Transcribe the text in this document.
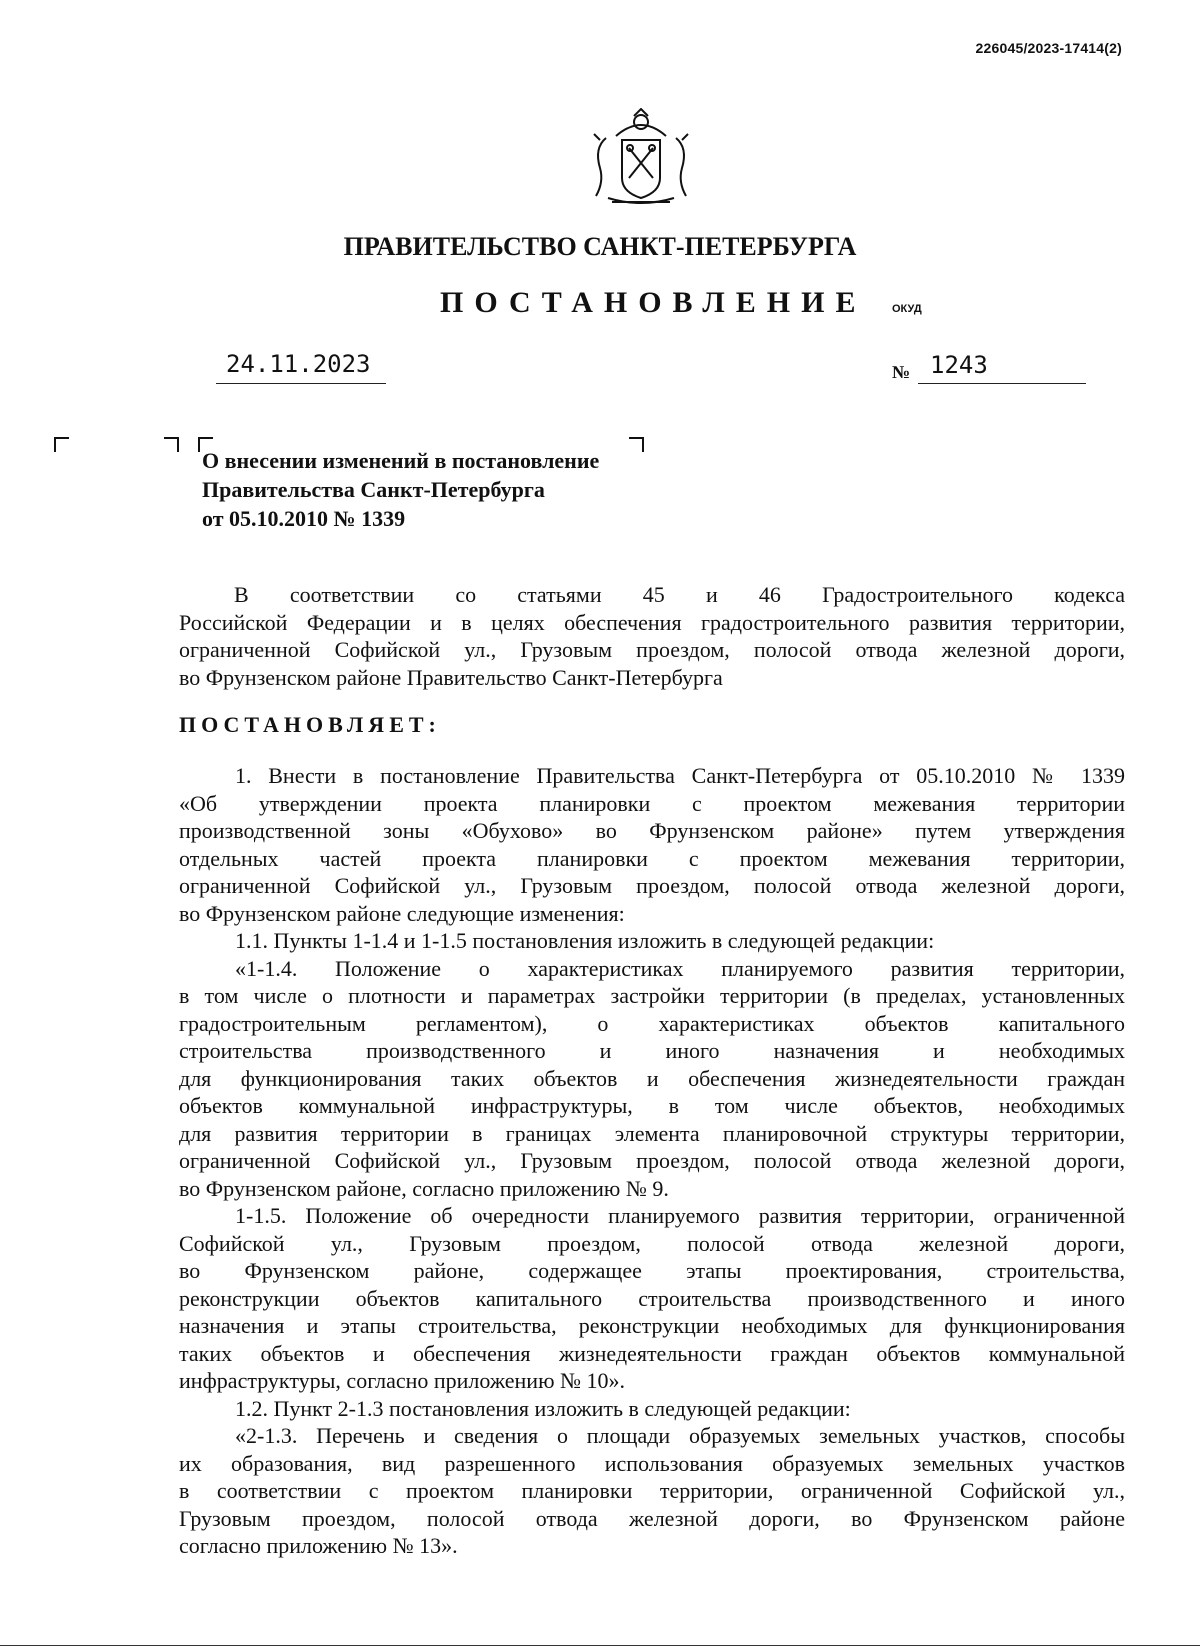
226045/2023-17414(2)
ПРАВИТЕЛЬСТВО САНКТ-ПЕТЕРБУРГА
ПОСТАНОВЛЕНИЕ ОКУД
24.11.2023	№ 1243
О внесении изменений в постановление
Правительства Санкт-Петербурга
от 05.10.2010 № 1339

В соответствии со статьями 45 и 46 Градостроительного кодекса

Российской Федерации и в целях обеспечения градостроительного развития территории,

ограниченной Софийской ул., Грузовым проездом, полосой отвода железной дороги,

во Фрунзенском районе Правительство Санкт-Петербурга

ПОСТАНОВЛЯЕТ:

1. Внести в постановление Правительства Санкт-Петербурга от 05.10.2010 № 1339

«Об утверждении проекта планировки с проектом межевания территории

производственной зоны «Обухово» во Фрунзенском районе» путем утверждения

отдельных частей проекта планировки с проектом межевания территории,

ограниченной Софийской ул., Грузовым проездом, полосой отвода железной дороги,

во Фрунзенском районе следующие изменения:

1.1. Пункты 1-1.4 и 1-1.5 постановления изложить в следующей редакции:

«1-1.4. Положение о характеристиках планируемого развития территории,

в том числе о плотности и параметрах застройки территории (в пределах, установленных

градостроительным регламентом), о характеристиках объектов капитального

строительства производственного и иного назначения и необходимых

для функционирования таких объектов и обеспечения жизнедеятельности граждан

объектов коммунальной инфраструктуры, в том числе объектов, необходимых

для развития территории в границах элемента планировочной структуры территории,

ограниченной Софийской ул., Грузовым проездом, полосой отвода железной дороги,

во Фрунзенском районе, согласно приложению № 9.

1-1.5. Положение об очередности планируемого развития территории, ограниченной

Софийской ул., Грузовым проездом, полосой отвода железной дороги,

во Фрунзенском районе, содержащее этапы проектирования, строительства,

реконструкции объектов капитального строительства производственного и иного

назначения и этапы строительства, реконструкции необходимых для функционирования

таких объектов и обеспечения жизнедеятельности граждан объектов коммунальной

инфраструктуры, согласно приложению № 10».

1.2. Пункт 2-1.3 постановления изложить в следующей редакции:

«2-1.3. Перечень и сведения о площади образуемых земельных участков, способы

их образования, вид разрешенного использования образуемых земельных участков

в соответствии с проектом планировки территории, ограниченной Софийской ул.,

Грузовым проездом, полосой отвода железной дороги, во Фрунзенском районе

согласно приложению № 13».
